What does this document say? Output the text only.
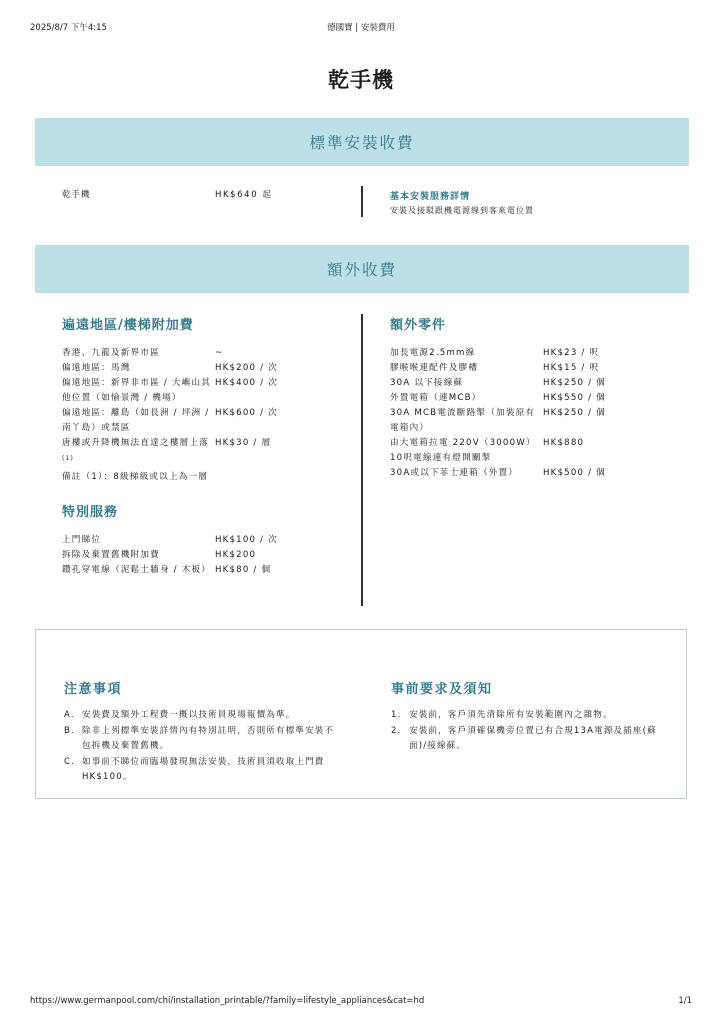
2025/8/7 下午4:15	德國寶 | 安裝費用
乾手機
標準安裝收費
乾手機	HK$640 起	基本安裝服務詳情
安裝及接駁跟機電源線到客來電位置
額外收費
遍遠地區/樓梯附加費
香港、九龍及新界市區	~
偏遠地區：馬灣	HK$200 / 次
偏遠地區：新界非市區 / 大嶼山其他位置（如愉景灣 / 機場）
HK$400 / 次
偏遠地區：離島（如長洲 / 坪洲 / 南丫島）或禁區
HK$600 / 次
唐樓或升降機無法直達之樓層上落$^{(1)}$
HK$30 / 層
備註（1）：8級梯級或以上為一層
特別服務
上門睇位	HK$100 / 次
拆除及棄置舊機附加費	HK$200
鑽孔穿電線（泥鬆土牆身 / 木板） HK$80 / 個
額外零件
加長電源2.5mm線	HK$23 / 呎
膠喉喉連配件及膠槽	HK$15 / 呎
30A 以下接線蘇	HK$250 / 個
外置電箱（連MCB）	HK$550 / 個
30A MCB電流斷路掣（加裝原有電箱內）
HK$250 / 個
由大電箱拉電 220V（3000W） 10呎電線連有燈開關掣
HK$880
30A或以下菲士連箱（外置）	HK$500 / 個
注意事項
A. 安裝費及額外工程費一概以技術員現場報價為準。
B. 除非上列標準安裝詳情內有特別註明，否則所有標準安裝不包拆機及棄置舊機。
C. 如事前不睇位而臨場發現無法安裝，技術員須收取上門費HK$100。
事前要求及須知
1. 安裝前，客戶須先清除所有安裝範圍內之雜物。
2. 安裝前，客戶須確保機旁位置已有合規13A電源及插座(蘇面)/接線蘇。
https://www.germanpool.com/chi/installation_printable/?family=lifestyle_appliances&cat=hd	1/1
